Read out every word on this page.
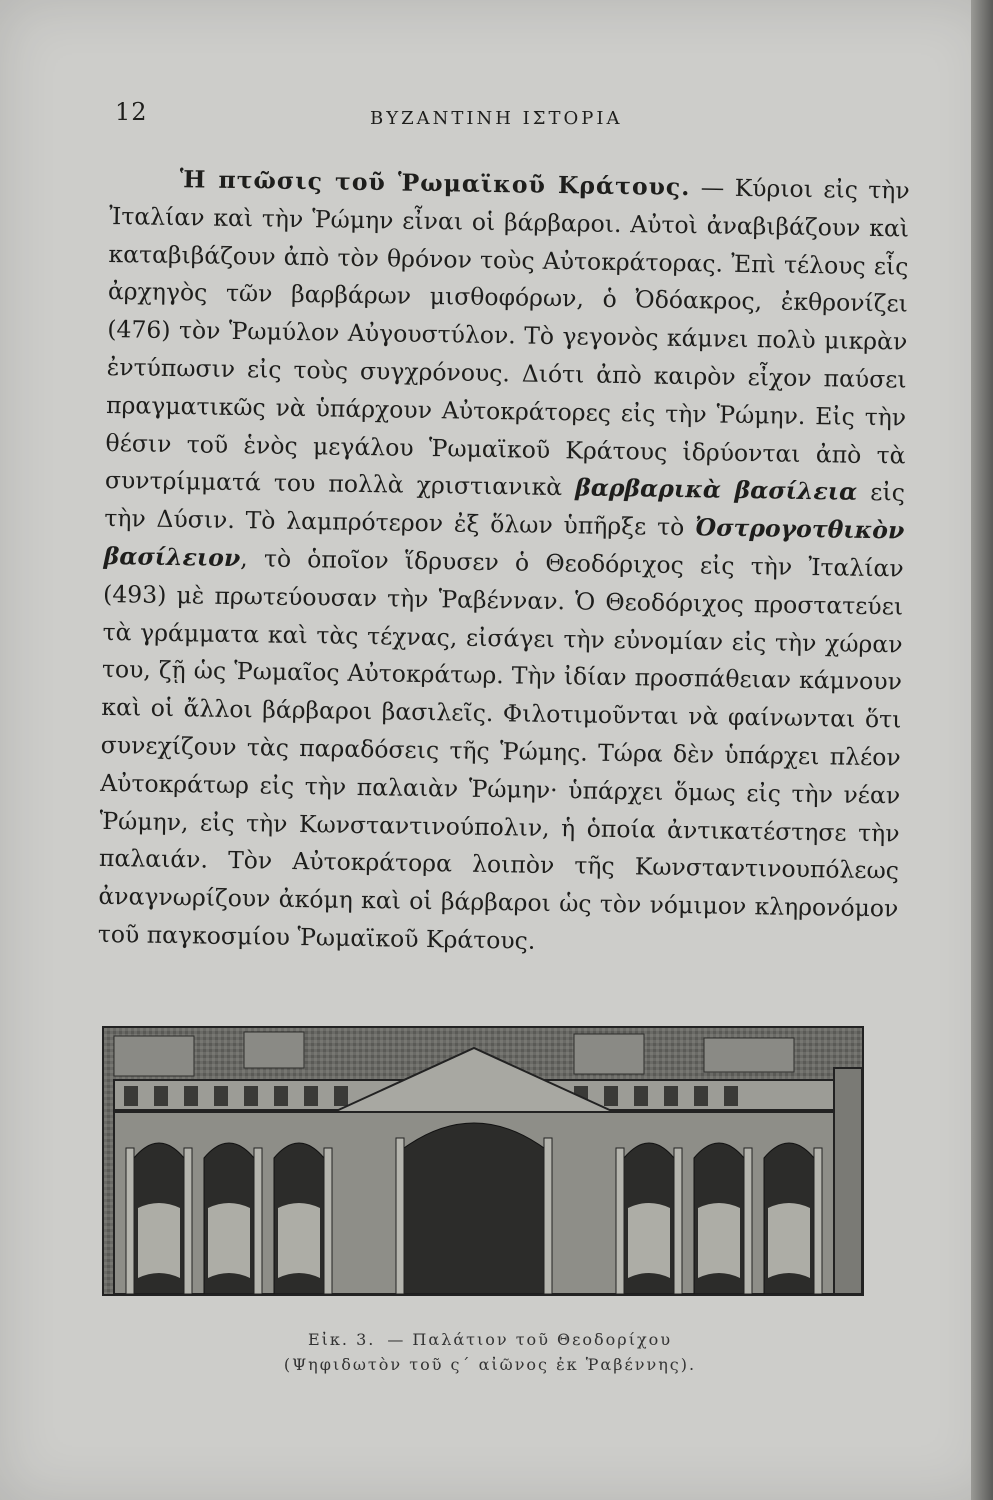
12	ΒΥΖΑΝΤΙΝΗ ΙΣΤΟΡΙΑ

Ἡ πτῶσις τοῦ Ῥωμαϊκοῦ Κράτους. — Κύριοι εἰς τὴν Ἰταλίαν καὶ τὴν Ῥώμην εἶναι οἱ βάρβαροι. Αὐτοὶ ἀναβιβάζουν καὶ καταβιβάζουν ἀπὸ τὸν θρόνον τοὺς Αὐτοκράτορας. Ἐπὶ τέλους εἷς ἀρχηγὸς τῶν βαρβάρων μισθοφόρων, ὁ Ὀδόακρος, ἐκθρονίζει (476) τὸν Ῥωμύλον Αὐγουστύλον. Τὸ γεγονὸς κάμνει πολὺ μικρὰν ἐντύπωσιν εἰς τοὺς συγχρόνους. Διότι ἀπὸ καιρὸν εἶχον παύσει πραγματικῶς νὰ ὑπάρχουν Αὐτοκράτορες εἰς τὴν Ῥώμην. Εἰς τὴν θέσιν τοῦ ἑνὸς μεγάλου Ῥωμαϊκοῦ Κράτους ἱδρύονται ἀπὸ τὰ συντρίμματά του πολλὰ χριστιανικὰ βαρβαρικὰ βασίλεια εἰς τὴν Δύσιν. Τὸ λαμπρότερον ἐξ ὅλων ὑπῆρξε τὸ Ὀστρογοτθικὸν βασίλειον, τὸ ὁποῖον ἵδρυσεν ὁ Θεοδόριχος εἰς τὴν Ἰταλίαν (493) μὲ πρωτεύουσαν τὴν Ῥαβένναν. Ὁ Θεοδόριχος προστατεύει τὰ γράμματα καὶ τὰς τέχνας, εἰσάγει τὴν εὐνομίαν εἰς τὴν χώραν του, ζῇ ὡς Ῥωμαῖος Αὐτοκράτωρ. Τὴν ἰδίαν προσπάθειαν κάμνουν καὶ οἱ ἄλλοι βάρβαροι βασιλεῖς. Φιλοτιμοῦνται νὰ φαίνωνται ὅτι συνεχίζουν τὰς παραδόσεις τῆς Ῥώμης. Τώρα δὲν ὑπάρχει πλέον Αὐτοκράτωρ εἰς τὴν παλαιὰν Ῥώμην· ὑπάρχει ὅμως εἰς τὴν νέαν Ῥώμην, εἰς τὴν Κωνσταντινούπολιν, ἡ ὁποία ἀντικατέστησε τὴν παλαιάν. Τὸν Αὐτοκράτορα λοιπὸν τῆς Κωνσταντινουπόλεως ἀναγνωρίζουν ἀκόμη καὶ οἱ βάρβαροι ὡς τὸν νόμιμον κληρονόμον τοῦ παγκοσμίου Ῥωμαϊκοῦ Κράτους.

Εἰκ. 3. — Παλάτιον τοῦ Θεοδορίχου
(Ψηφιδωτὸν τοῦ ς´ αἰῶνος ἐκ Ῥαβέννης).
